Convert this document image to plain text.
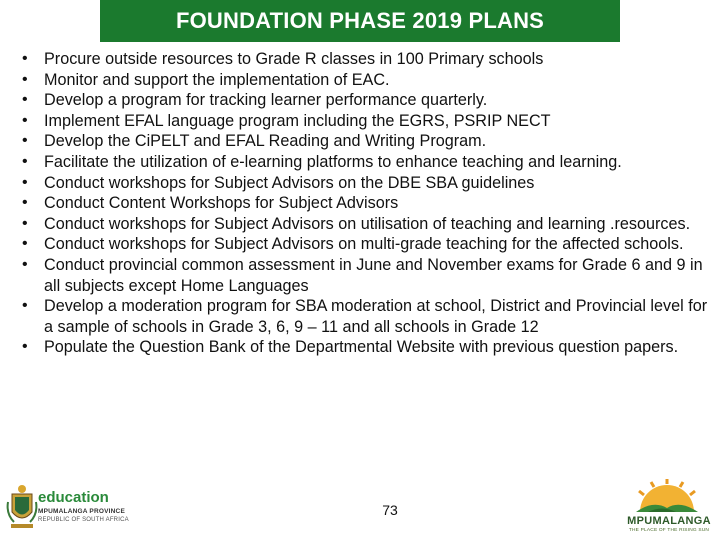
FOUNDATION PHASE 2019 PLANS
• Procure outside resources to Grade R classes in 100 Primary schools
• Monitor and support the implementation of EAC.
• Develop a program for tracking learner performance quarterly.
• Implement EFAL language program including the EGRS, PSRIP NECT
• Develop the CiPELT and EFAL Reading and Writing Program.
• Facilitate the utilization of e-learning platforms to enhance teaching and learning.
• Conduct workshops for Subject Advisors on the DBE SBA guidelines
• Conduct Content Workshops for Subject Advisors
• Conduct workshops for Subject Advisors on utilisation of teaching and learning .resources.
• Conduct workshops for Subject Advisors on multi-grade teaching for the affected schools.
• Conduct provincial common assessment in June and November exams for Grade 6 and 9 in all subjects except Home Languages
• Develop a moderation program for SBA moderation at school, District and Provincial level for a sample of schools in Grade 3, 6, 9 – 11 and all schools in Grade 12
• Populate the Question Bank of the Departmental Website with previous question papers.
education
MPUMALANGA PROVINCE
REPUBLIC OF SOUTH AFRICA
73
MPUMALANGA
THE PLACE OF THE RISING SUN
